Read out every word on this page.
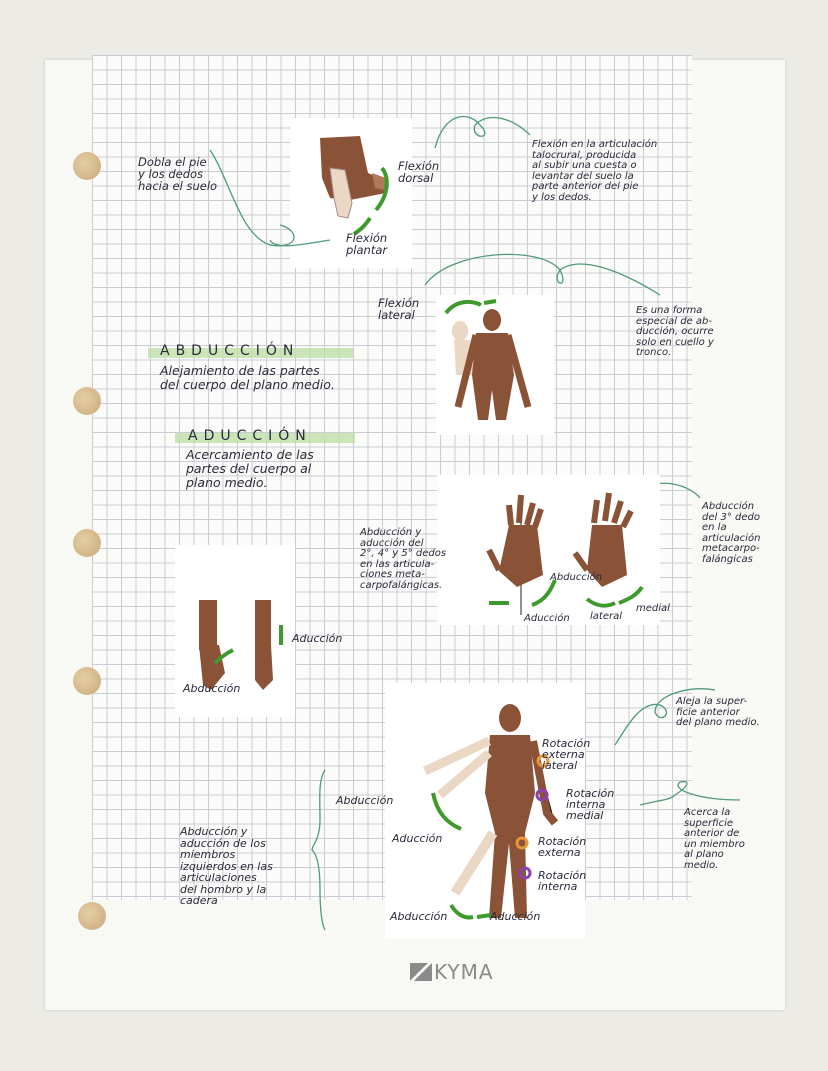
Dobla el pie
y los dedos
hacia el suelo
Flexión
dorsal
Flexión
plantar
Flexión en la articulación
talocrural, producida
al subir una cuesta o
levantar del suelo la
parte anterior del pie
y los dedos.
Flexión
lateral	Es una forma
especial de ab-
ducción, ocurre
solo en cuello y
tronco.
ABDUCCIÓN
Alejamiento de las partes
del cuerpo del plano medio.
ADUCCIÓN
Acercamiento de las
partes del cuerpo al
plano medio.
Abducción y
aducción del
2°, 4° y 5° dedos
en las articula-
ciones meta-
carpofalángicas.
Abducción
del 3° dedo
en la
articulación
metacarpo-
falángicas
Abducción
Aducción lateral
medial
Aducción
Abducción
Rotación
externa
lateral
Rotación
interna
medial
Rotación
externa
Rotación
interna
Abducción
Aducción
Abducción	Aducción
Aleja la super-
ficie anterior
del plano medio.
Acerca la
superficie
anterior de
un miembro
al plano
medio.
Abducción y
aducción de los
miembros
izquierdos en las
articulaciones
del hombro y la
cadera
KYMA
